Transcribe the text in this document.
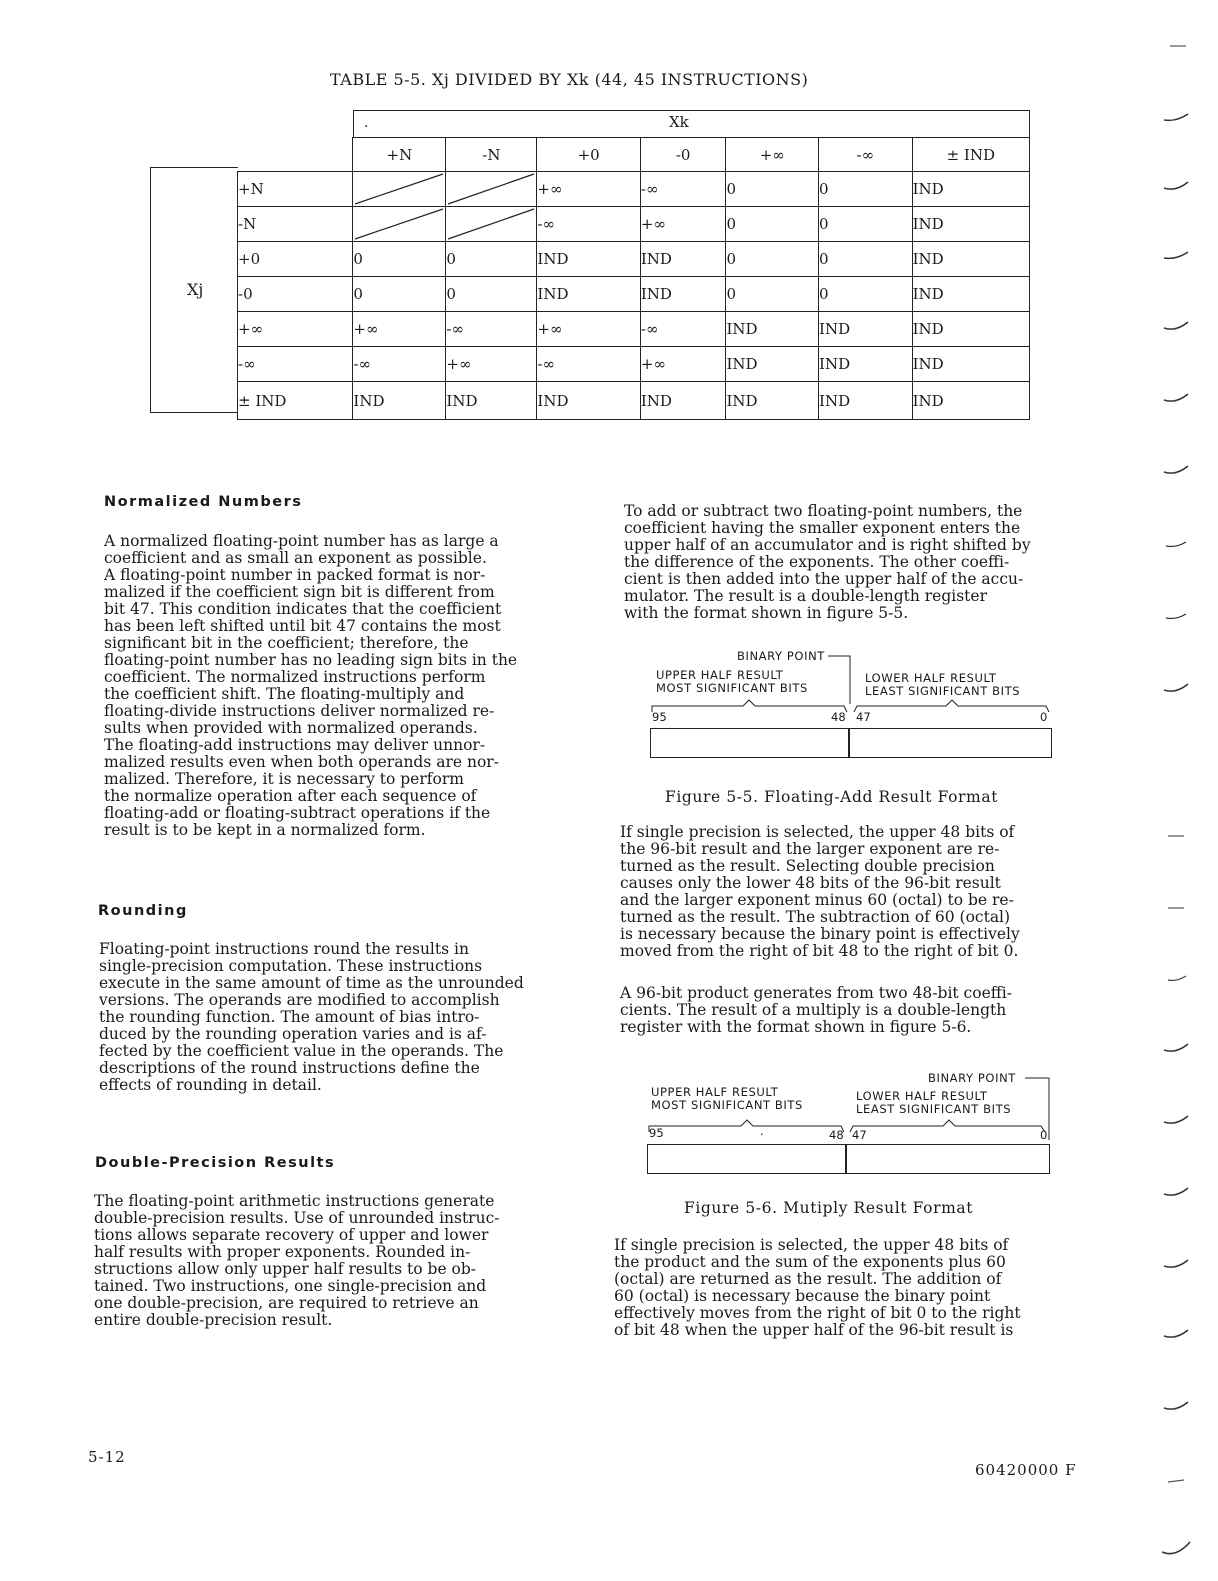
TABLE 5-5. Xj DIVIDED BY Xk (44, 45 INSTRUCTIONS)
.	Xk
Xj
	+N	-N	+0	-0	+∞	-∞	± IND
+N			+∞	-∞	0	0	IND
-N			-∞	+∞	0	0	IND
+0	0	0	IND	IND	0	0	IND
-0	0	0	IND	IND	0	0	IND
+∞	+∞	-∞	+∞	-∞	IND	IND	IND
-∞	-∞	+∞	-∞	+∞	IND	IND	IND
± IND	IND	IND	IND	IND	IND	IND	IND
Normalized Numbers
A normalized floating-point number has as large a
coefficient and as small an exponent as possible.
A floating-point number in packed format is nor-
malized if the coefficient sign bit is different from
bit 47. This condition indicates that the coefficient
has been left shifted until bit 47 contains the most
significant bit in the coefficient; therefore, the
floating-point number has no leading sign bits in the
coefficient. The normalized instructions perform
the coefficient shift. The floating-multiply and
floating-divide instructions deliver normalized re-
sults when provided with normalized operands.
The floating-add instructions may deliver unnor-
malized results even when both operands are nor-
malized. Therefore, it is necessary to perform
the normalize operation after each sequence of
floating-add or floating-subtract operations if the
result is to be kept in a normalized form.
Rounding
Floating-point instructions round the results in
single-precision computation. These instructions
execute in the same amount of time as the unrounded
versions. The operands are modified to accomplish
the rounding function. The amount of bias intro-
duced by the rounding operation varies and is af-
fected by the coefficient value in the operands. The
descriptions of the round instructions define the
effects of rounding in detail.
Double-Precision Results
The floating-point arithmetic instructions generate
double-precision results. Use of unrounded instruc-
tions allows separate recovery of upper and lower
half results with proper exponents. Rounded in-
structions allow only upper half results to be ob-
tained. Two instructions, one single-precision and
one double-precision, are required to retrieve an
entire double-precision result.
To add or subtract two floating-point numbers, the
coefficient having the smaller exponent enters the
upper half of an accumulator and is right shifted by
the difference of the exponents. The other coeffi-
cient is then added into the upper half of the accu-
mulator. The result is a double-length register
with the format shown in figure 5-5.
BINARY POINT
UPPER HALF RESULT
MOST SIGNIFICANT BITS
LOWER HALF RESULT
LEAST SIGNIFICANT BITS
95	48 47	0
Figure 5-5. Floating-Add Result Format
If single precision is selected, the upper 48 bits of
the 96-bit result and the larger exponent are re-
turned as the result. Selecting double precision
causes only the lower 48 bits of the 96-bit result
and the larger exponent minus 60 (octal) to be re-
turned as the result. The subtraction of 60 (octal)
is necessary because the binary point is effectively
moved from the right of bit 48 to the right of bit 0.
A 96-bit product generates from two 48-bit coeffi-
cients. The result of a multiply is a double-length
register with the format shown in figure 5-6.
BINARY POINT
UPPER HALF RESULT
MOST SIGNIFICANT BITS
LOWER HALF RESULT
LEAST SIGNIFICANT BITS
95	.	48 47	0
Figure 5-6. Mutiply Result Format
If single precision is selected, the upper 48 bits of
the product and the sum of the exponents plus 60
(octal) are returned as the result. The addition of
60 (octal) is necessary because the binary point
effectively moves from the right of bit 0 to the right
of bit 48 when the upper half of the 96-bit result is
5-12
60420000 F
